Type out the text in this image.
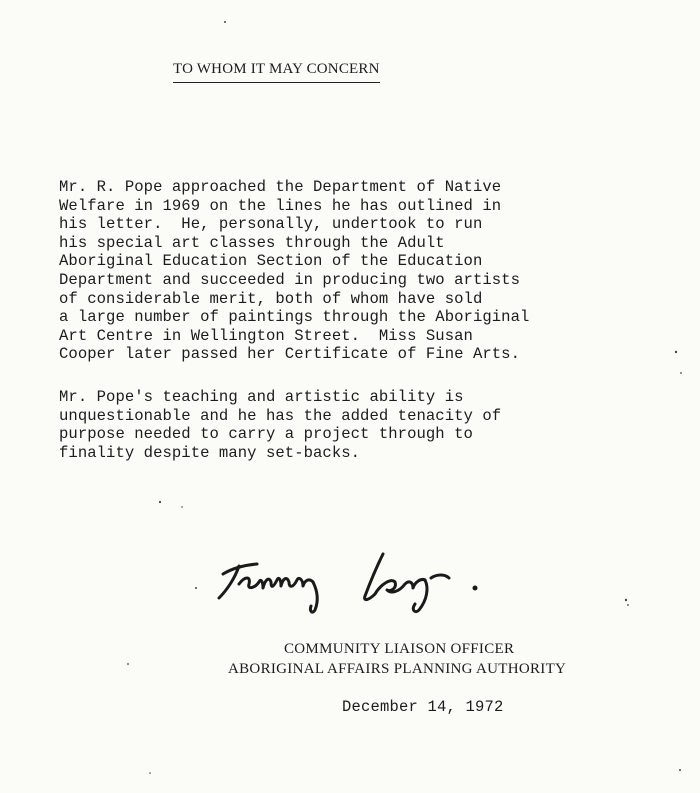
TO WHOM IT MAY CONCERN
Mr. R. Pope approached the Department of Native
Welfare in 1969 on the lines he has outlined in
his letter.  He, personally, undertook to run
his special art classes through the Adult
Aboriginal Education Section of the Education
Department and succeeded in producing two artists
of considerable merit, both of whom have sold
a large number of paintings through the Aboriginal
Art Centre in Wellington Street.  Miss Susan
Cooper later passed her Certificate of Fine Arts.
Mr. Pope's teaching and artistic ability is
unquestionable and he has the added tenacity of
purpose needed to carry a project through to
finality despite many set-backs.
COMMUNITY LIAISON OFFICER
ABORIGINAL AFFAIRS PLANNING AUTHORITY
December 14, 1972
